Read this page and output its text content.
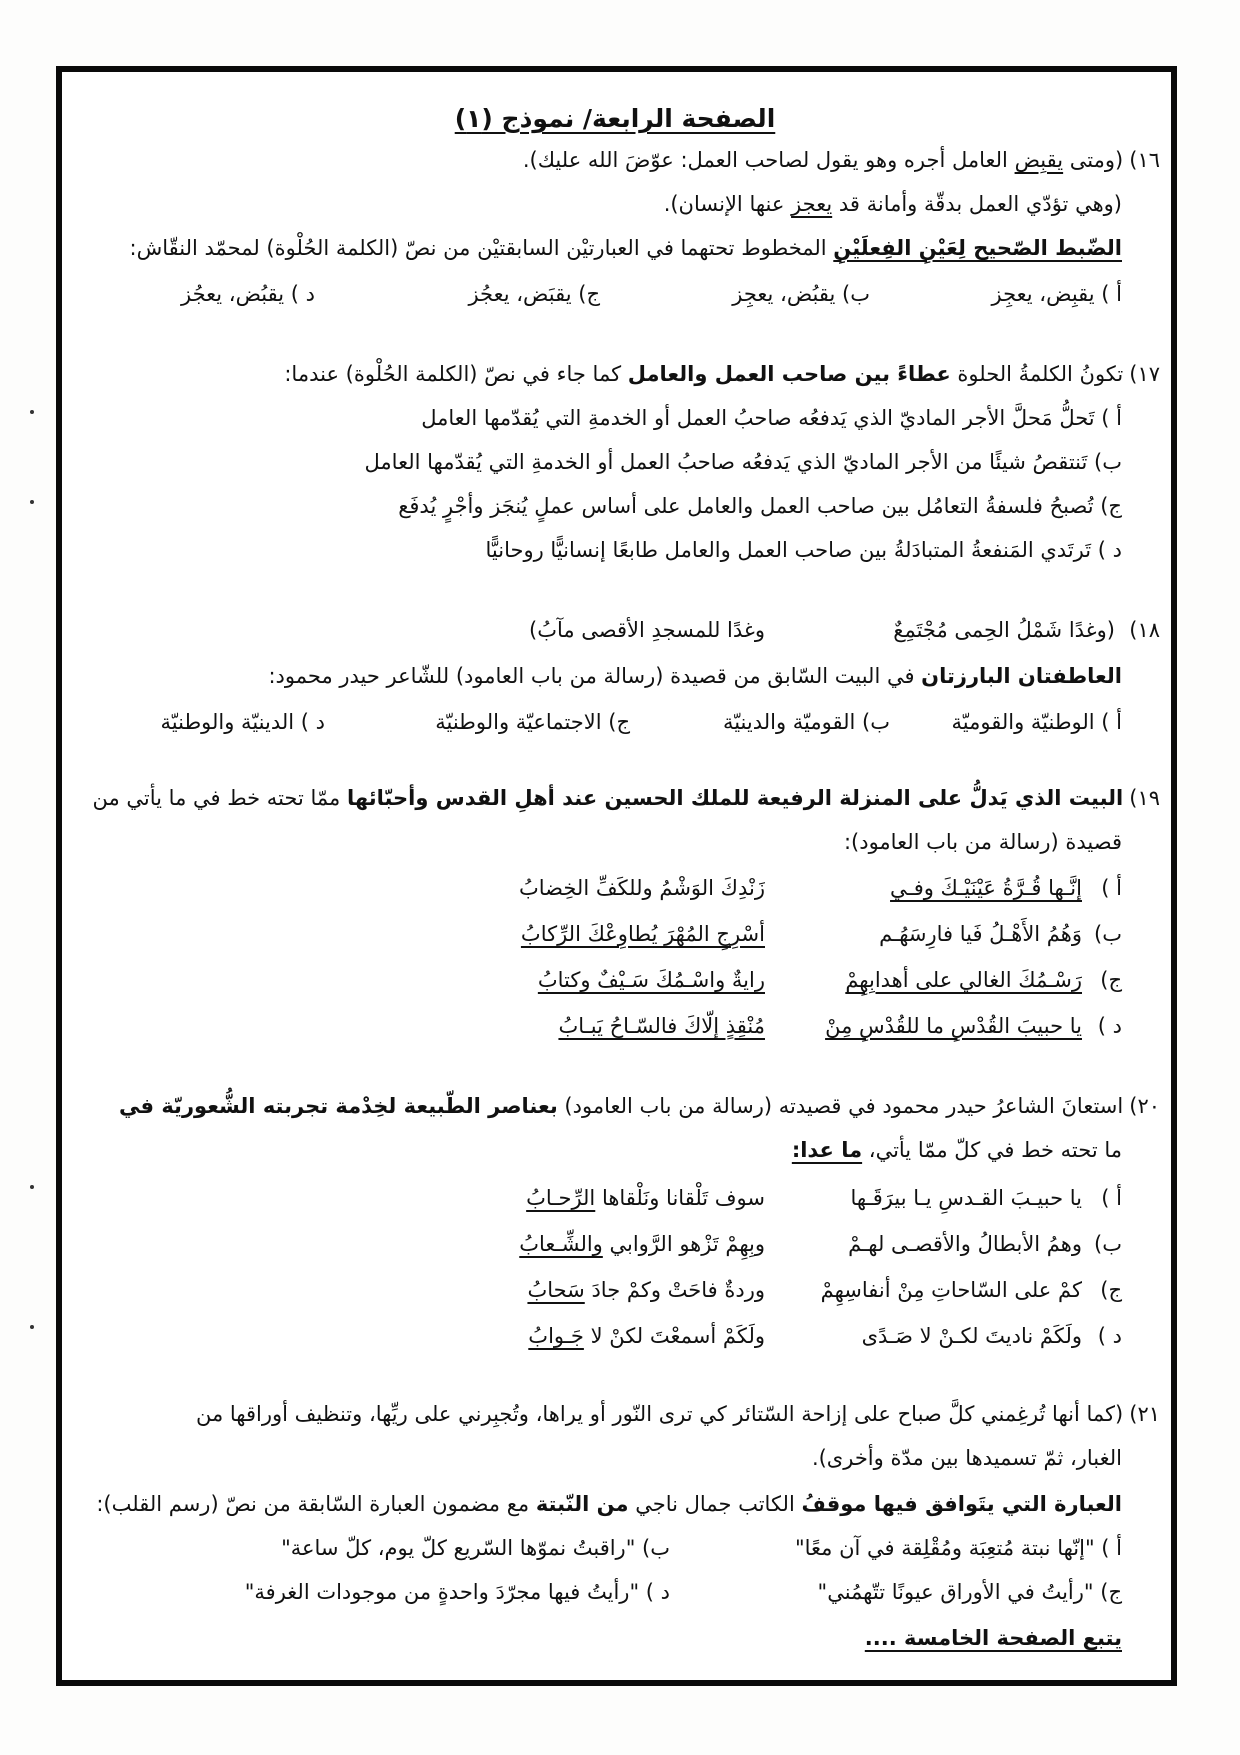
الصفحة الرابعة/ نموذج (١)
١٦)(ومتى يقبِض العامل أجره وهو يقول لصاحب العمل: عوّضَ الله عليك).
(وهي تؤدّي العمل بدقّة وأمانة قد يعجز عنها الإنسان).
الضّبط الصّحيح لِعَيْنِ الفِعلَيْنِ المخطوط تحتهما في العبارتيْن السابقتيْن من نصّ (الكلمة الحُلْوة) لمحمّد النقّاش:
أ ) يقبِض، يعجِز
ب) يقبُض، يعجِز
ج) يقبَض، يعجُز
د ) يقبُض، يعجُز
١٧)تكونُ الكلمةُ الحلوة عطاءً بين صاحب العمل والعامل كما جاء في نصّ (الكلمة الحُلْوة) عندما:
أ ) تَحلُّ مَحلَّ الأجر الماديّ الذي يَدفعُه صاحبُ العمل أو الخدمةِ التي يُقدّمها العامل
ب) تَنتقصُ شيئًا من الأجر الماديّ الذي يَدفعُه صاحبُ العمل أو الخدمةِ التي يُقدّمها العامل
ج) تُصبحُ فلسفةُ التعامُل بين صاحب العمل والعامل على أساس عملٍ يُنجَز وأجْرٍ يُدفَع
د ) تَرتَدي المَنفعةُ المتبادَلةُ بين صاحب العمل والعامل طابعًا إنسانيًّا روحانيًّا
١٨)
(وغدًا شَمْلُ الحِمى مُجْتَمِعٌ
وغدًا للمسجدِ الأقصى مآبُ)
العاطفتان البارزتان في البيت السّابق من قصيدة (رسالة من باب العامود) للشّاعر حيدر محمود:
أ ) الوطنيّة والقوميّة
ب) القوميّة والدينيّة
ج) الاجتماعيّة والوطنيّة
د ) الدينيّة والوطنيّة
١٩)البيت الذي يَدلُّ على المنزلة الرفيعة للملك الحسين عند أهلِ القدس وأحبّائها ممّا تحته خط في ما يأتي من
قصيدة (رسالة من باب العامود):
أ )
إنَّـها قُـرَّةُ عَيْنَيْـكَ وفـي
زَنْدِكَ الوَشْمُ وللكَفِّ الخِضابُ
ب)
وَهُمُ الأَهْـلُ فَيا فارِسَهُـم
أسْرِجِ المُهْرَ يُطاوِعْكَ الرِّكابُ
ج)
رَسْـمُكَ الغالي على أهدابِهِمْ
رايةٌ واسْـمُكَ سَـيْفٌ وكتابُ
د )
يا حبيبَ القُدْسِ ما للقُدْسِ مِنْ
مُنْقِذٍ إلّاكَ فالسّـاحُ يَبـابُ
٢٠)استعانَ الشاعرُ حيدر محمود في قصيدته (رسالة من باب العامود) بعناصر الطّبيعة لخِدْمة تجربته الشُّعوريّة في
ما تحته خط في كلّ ممّا يأتي، ما عدا:
أ )
يا حبيـبَ القـدسِ يـا بيرَقَـها
سوف تَلْقانا ونَلْقاها الرِّحـابُ
ب)
وهمُ الأبطالُ والأقصـى لهـمْ
وبِهِمْ تَزْهو الرَّوابي والشِّـعابُ
ج)
كمْ على السّاحاتِ مِنْ أنفاسِهِمْ
وردةٌ فاحَتْ وكمْ جادَ سَحابُ
د )
ولَكَمْ ناديتَ لكـنْ لا صَـدًى
ولَكَمْ أسمعْتَ لكنْ لا جَـوابُ
٢١)(كما أنها تُرغِمني كلَّ صباح على إزاحة السّتائر كي ترى النّور أو يراها، وتُجبِرني على ريِّها، وتنظيف أوراقها من
الغبار، ثمّ تسميدها بين مدّة وأخرى).
العبارة التي يتَوافق فيها موقفُ الكاتب جمال ناجي من النّبتة مع مضمون العبارة السّابقة من نصّ (رسم القلب):
أ ) "إنّها نبتة مُتعِبَة ومُقْلِقة في آن معًا"
ب) "راقبتُ نموّها السّريع كلّ يوم، كلّ ساعة"
ج) "رأيتُ في الأوراق عيونًا تتّهمُني"
د ) "رأيتُ فيها مجرّدَ واحدةٍ من موجودات الغرفة"
يتبع الصفحة الخامسة ....
